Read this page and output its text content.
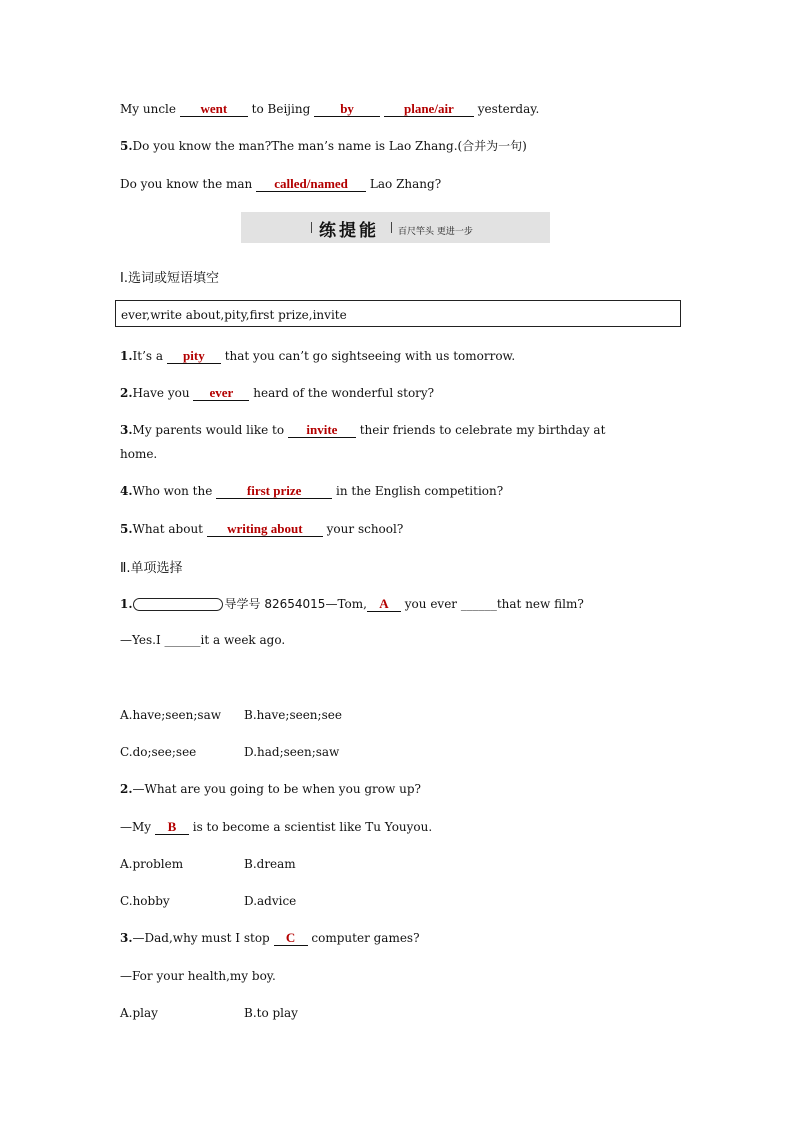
My uncle went to Beijing by	plane/air yesterday.
5.Do you know the man?The man’s name is Lao Zhang.(合并为一句)
Do you know the man called/named Lao Zhang?
练提能 百尺竿头 更进一步
Ⅰ.选词或短语填空
ever,write about,pity,first prize,invite
1.It’s a pity that you can’t go sightseeing with us tomorrow.
2.Have you ever heard of the wonderful story?
3.My parents would like to invite their friends to celebrate my birthday at
home.
4.Who won the	first prize	in the English competition?
5.What about writing about your school?
Ⅱ.单项选择
1.	导学号 82654015—Tom, A you ever ______that new film?
—Yes.I ______it a week ago.
A.have;seen;saw B.have;seen;see
C.do;see;see	D.had;seen;saw
2.—What are you going to be when you grow up?
—My B is to become a scientist like Tu Youyou.
A.problem	B.dream
C.hobby	D.advice
3.—Dad,why must I stop C computer games?
—For your health,my boy.
A.play	B.to play
